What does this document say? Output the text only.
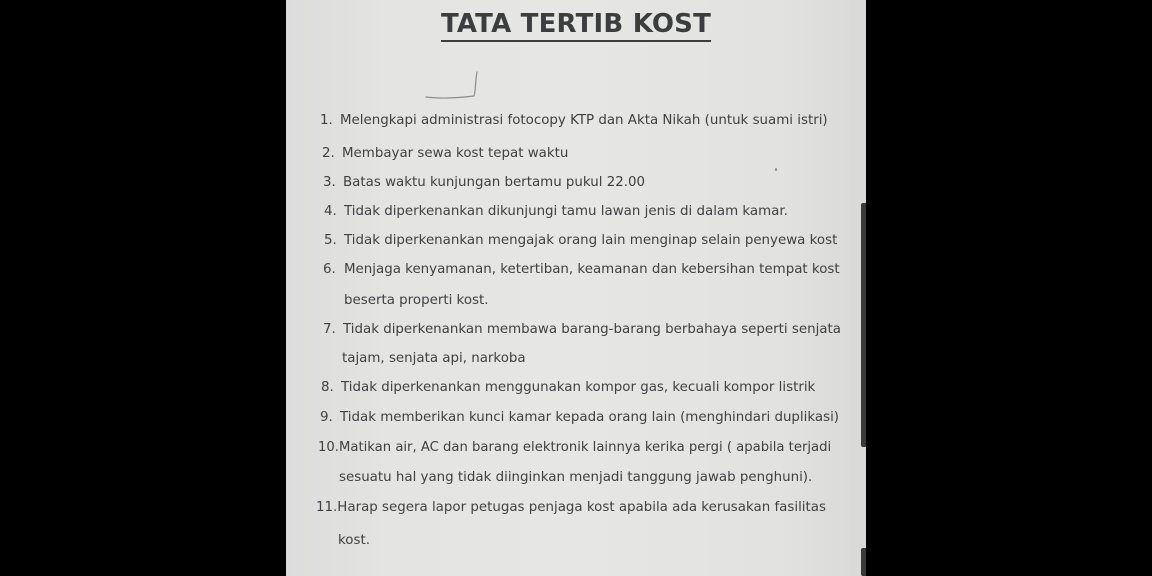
TATA TERTIB KOST
1. Melengkapi administrasi fotocopy KTP dan Akta Nikah (untuk suami istri)
2. Membayar sewa kost tepat waktu
3. Batas waktu kunjungan bertamu pukul 22.00
4. Tidak diperkenankan dikunjungi tamu lawan jenis di dalam kamar.
5. Tidak diperkenankan mengajak orang lain menginap selain penyewa kost
6. Menjaga kenyamanan, ketertiban, keamanan dan kebersihan tempat kost
beserta properti kost.
7. Tidak diperkenankan membawa barang-barang berbahaya seperti senjata
tajam, senjata api, narkoba
8. Tidak diperkenankan menggunakan kompor gas, kecuali kompor listrik
9. Tidak memberikan kunci kamar kepada orang lain (menghindari duplikasi)
10.Matikan air, AC dan barang elektronik lainnya kerika pergi ( apabila terjadi
sesuatu hal yang tidak diinginkan menjadi tanggung jawab penghuni).
11.Harap segera lapor petugas penjaga kost apabila ada kerusakan fasilitas
kost.
